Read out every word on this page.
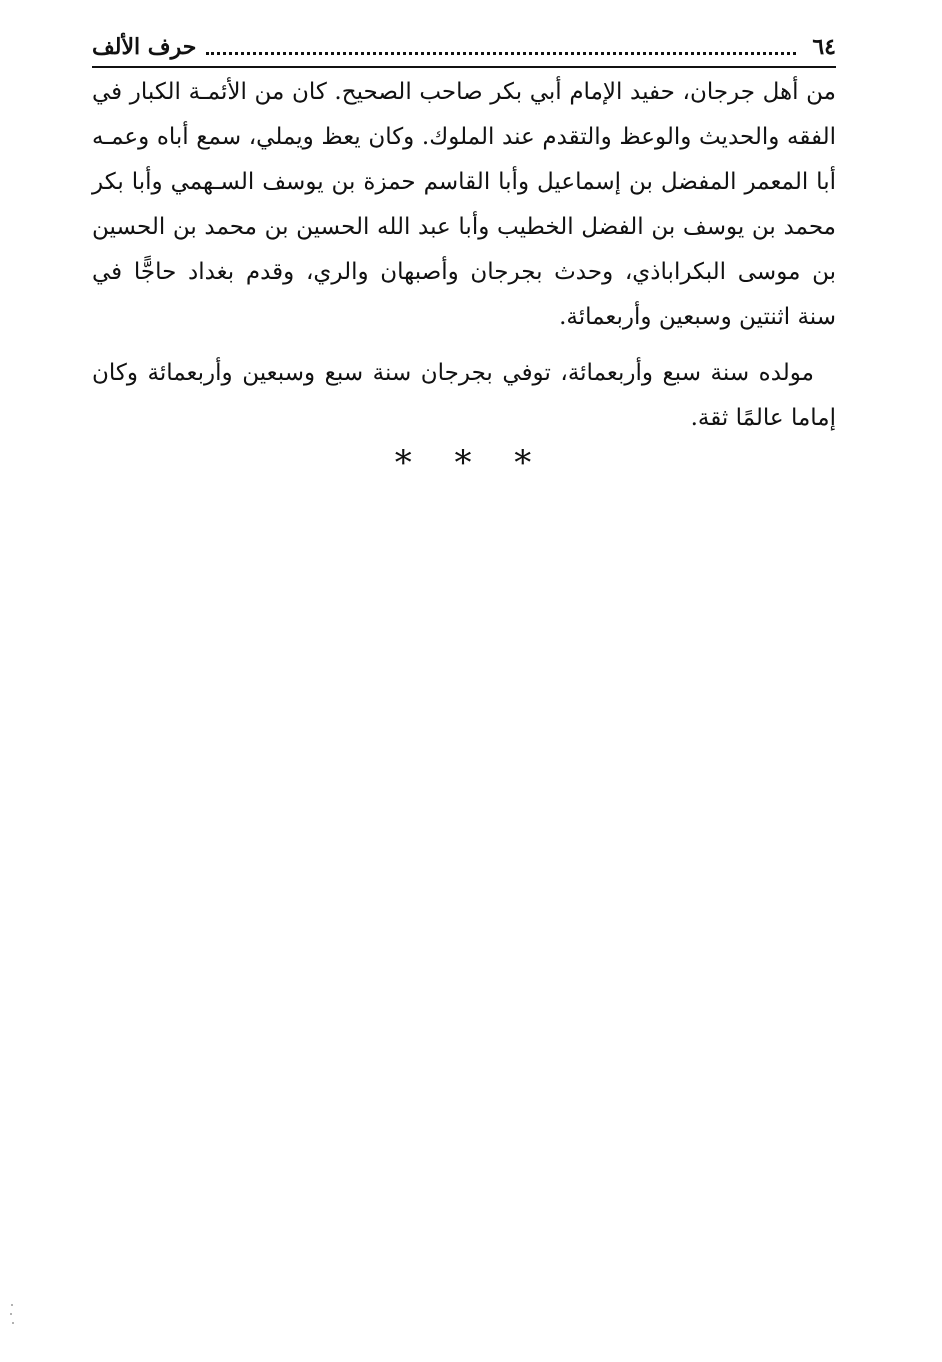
٦٤
حرف الألف

من أهل جرجان، حفيد الإمام أبي بكر صاحب الصحيح. كان من الأئمـة الكبار في الفقه والحديث والوعظ والتقدم عند الملوك. وكان يعظ ويملي، سمع أباه وعمـه أبا المعمر المفضل بن إسماعيل وأبا القاسم حمزة بن يوسف السـهمي وأبا بكر محمد بن يوسف بن الفضل الخطيب وأبا عبد الله الحسين بن محمد بن الحسين بن موسى البكراباذي، وحدث بجرجان وأصبهان والري، وقدم بغداد حاجًّا في سنة اثنتين وسبعين وأربعمائة.

مولده سنة سبع وأربعمائة، توفي بجرجان سنة سبع وسبعين وأربعمائة وكان إماما عالمًا ثقة.

* * *
